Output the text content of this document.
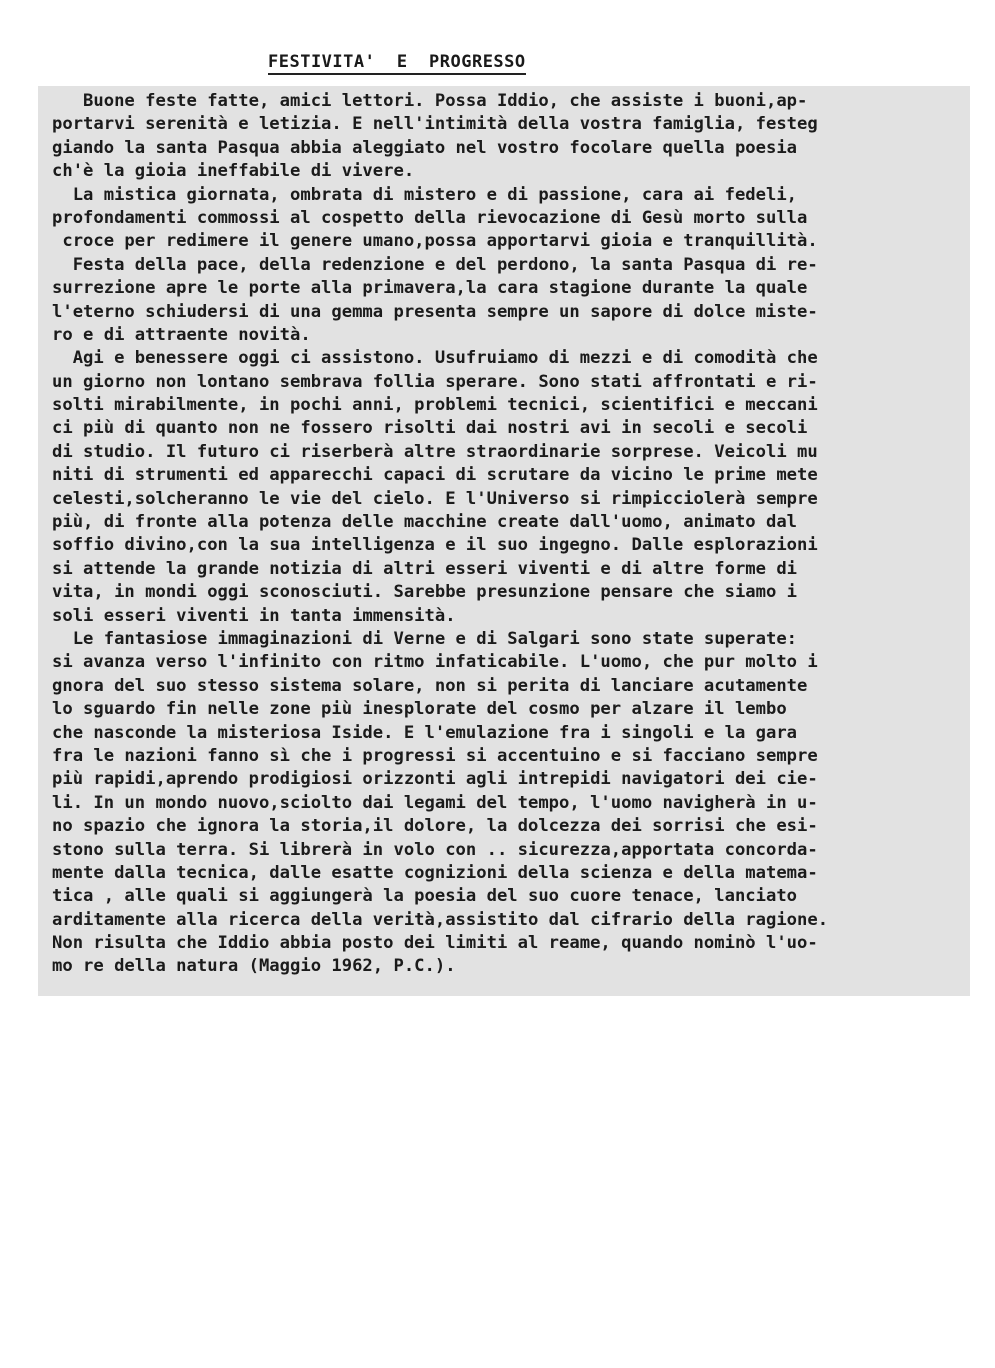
FESTIVITA'  E  PROGRESSO
Buone feste fatte, amici lettori. Possa Iddio, che assiste i buoni,ap-
portarvi serenità e letizia. E nell'intimità della vostra famiglia, festeg
giando la santa Pasqua abbia aleggiato nel vostro focolare quella poesia
ch'è la gioia ineffabile di vivere.
La mistica giornata, ombrata di mistero e di passione, cara ai fedeli,
profondamenti commossi al cospetto della rievocazione di Gesù morto sulla
croce per redimere il genere umano,possa apportarvi gioia e tranquillità.
Festa della pace, della redenzione e del perdono, la santa Pasqua di re-
surrezione apre le porte alla primavera,la cara stagione durante la quale
l'eterno schiudersi di una gemma presenta sempre un sapore di dolce miste-
ro e di attraente novità.
Agi e benessere oggi ci assistono. Usufruiamo di mezzi e di comodità che
un giorno non lontano sembrava follia sperare. Sono stati affrontati e ri-
solti mirabilmente, in pochi anni, problemi tecnici, scientifici e meccani
ci più di quanto non ne fossero risolti dai nostri avi in secoli e secoli
di studio. Il futuro ci riserberà altre straordinarie sorprese. Veicoli mu
niti di strumenti ed apparecchi capaci di scrutare da vicino le prime mete
celesti,solcheranno le vie del cielo. E l'Universo si rimpicciolerà sempre
più, di fronte alla potenza delle macchine create dall'uomo, animato dal
soffio divino,con la sua intelligenza e il suo ingegno. Dalle esplorazioni
si attende la grande notizia di altri esseri viventi e di altre forme di
vita, in mondi oggi sconosciuti. Sarebbe presunzione pensare che siamo i
soli esseri viventi in tanta immensità.
Le fantasiose immaginazioni di Verne e di Salgari sono state superate:
si avanza verso l'infinito con ritmo infaticabile. L'uomo, che pur molto i
gnora del suo stesso sistema solare, non si perita di lanciare acutamente
lo sguardo fin nelle zone più inesplorate del cosmo per alzare il lembo
che nasconde la misteriosa Iside. E l'emulazione fra i singoli e la gara
fra le nazioni fanno sì che i progressi si accentuino e si facciano sempre
più rapidi,aprendo prodigiosi orizzonti agli intrepidi navigatori dei cie-
li. In un mondo nuovo,sciolto dai legami del tempo, l'uomo navigherà in u-
no spazio che ignora la storia,il dolore, la dolcezza dei sorrisi che esi-
stono sulla terra. Si librerà in volo con .. sicurezza,apportata concorda-
mente dalla tecnica, dalle esatte cognizioni della scienza e della matema-
tica , alle quali si aggiungerà la poesia del suo cuore tenace, lanciato
arditamente alla ricerca della verità,assistito dal cifrario della ragione.
Non risulta che Iddio abbia posto dei limiti al reame, quando nominò l'uo-
mo re della natura (Maggio 1962, P.C.).
